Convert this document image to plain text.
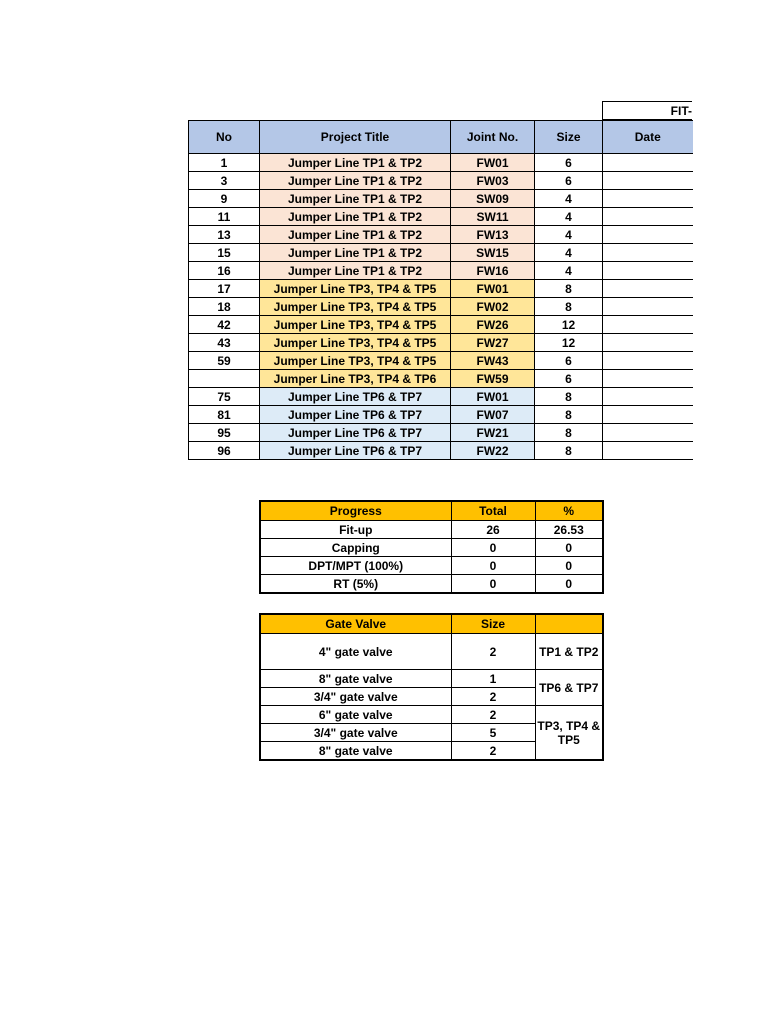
FIT-
No	Project Title	Joint No.	Size	Date
1	Jumper Line TP1 & TP2	FW01	6	
3	Jumper Line TP1 & TP2	FW03	6	
9	Jumper Line TP1 & TP2	SW09	4	
11	Jumper Line TP1 & TP2	SW11	4	
13	Jumper Line TP1 & TP2	FW13	4	
15	Jumper Line TP1 & TP2	SW15	4	
16	Jumper Line TP1 & TP2	FW16	4	
17	Jumper Line TP3, TP4 & TP5	FW01	8	
18	Jumper Line TP3, TP4 & TP5	FW02	8	
42	Jumper Line TP3, TP4 & TP5	FW26	12	
43	Jumper Line TP3, TP4 & TP5	FW27	12	
59	Jumper Line TP3, TP4 & TP5	FW43	6	
	Jumper Line TP3, TP4 & TP6	FW59	6	
75	Jumper Line TP6 & TP7	FW01	8	
81	Jumper Line TP6 & TP7	FW07	8	
95	Jumper Line TP6 & TP7	FW21	8	
96	Jumper Line TP6 & TP7	FW22	8	
Progress	Total	%
Fit-up	26	26.53
Capping	0	0
DPT/MPT (100%)	0	0
RT (5%)	0	0
Gate Valve	Size	
4" gate valve	2	TP1 & TP2
8" gate valve	1	TP6 & TP7
3/4" gate valve	2	
6" gate valve	2	TP3, TP4 & TP5
3/4" gate valve	5	
8" gate valve	2	
